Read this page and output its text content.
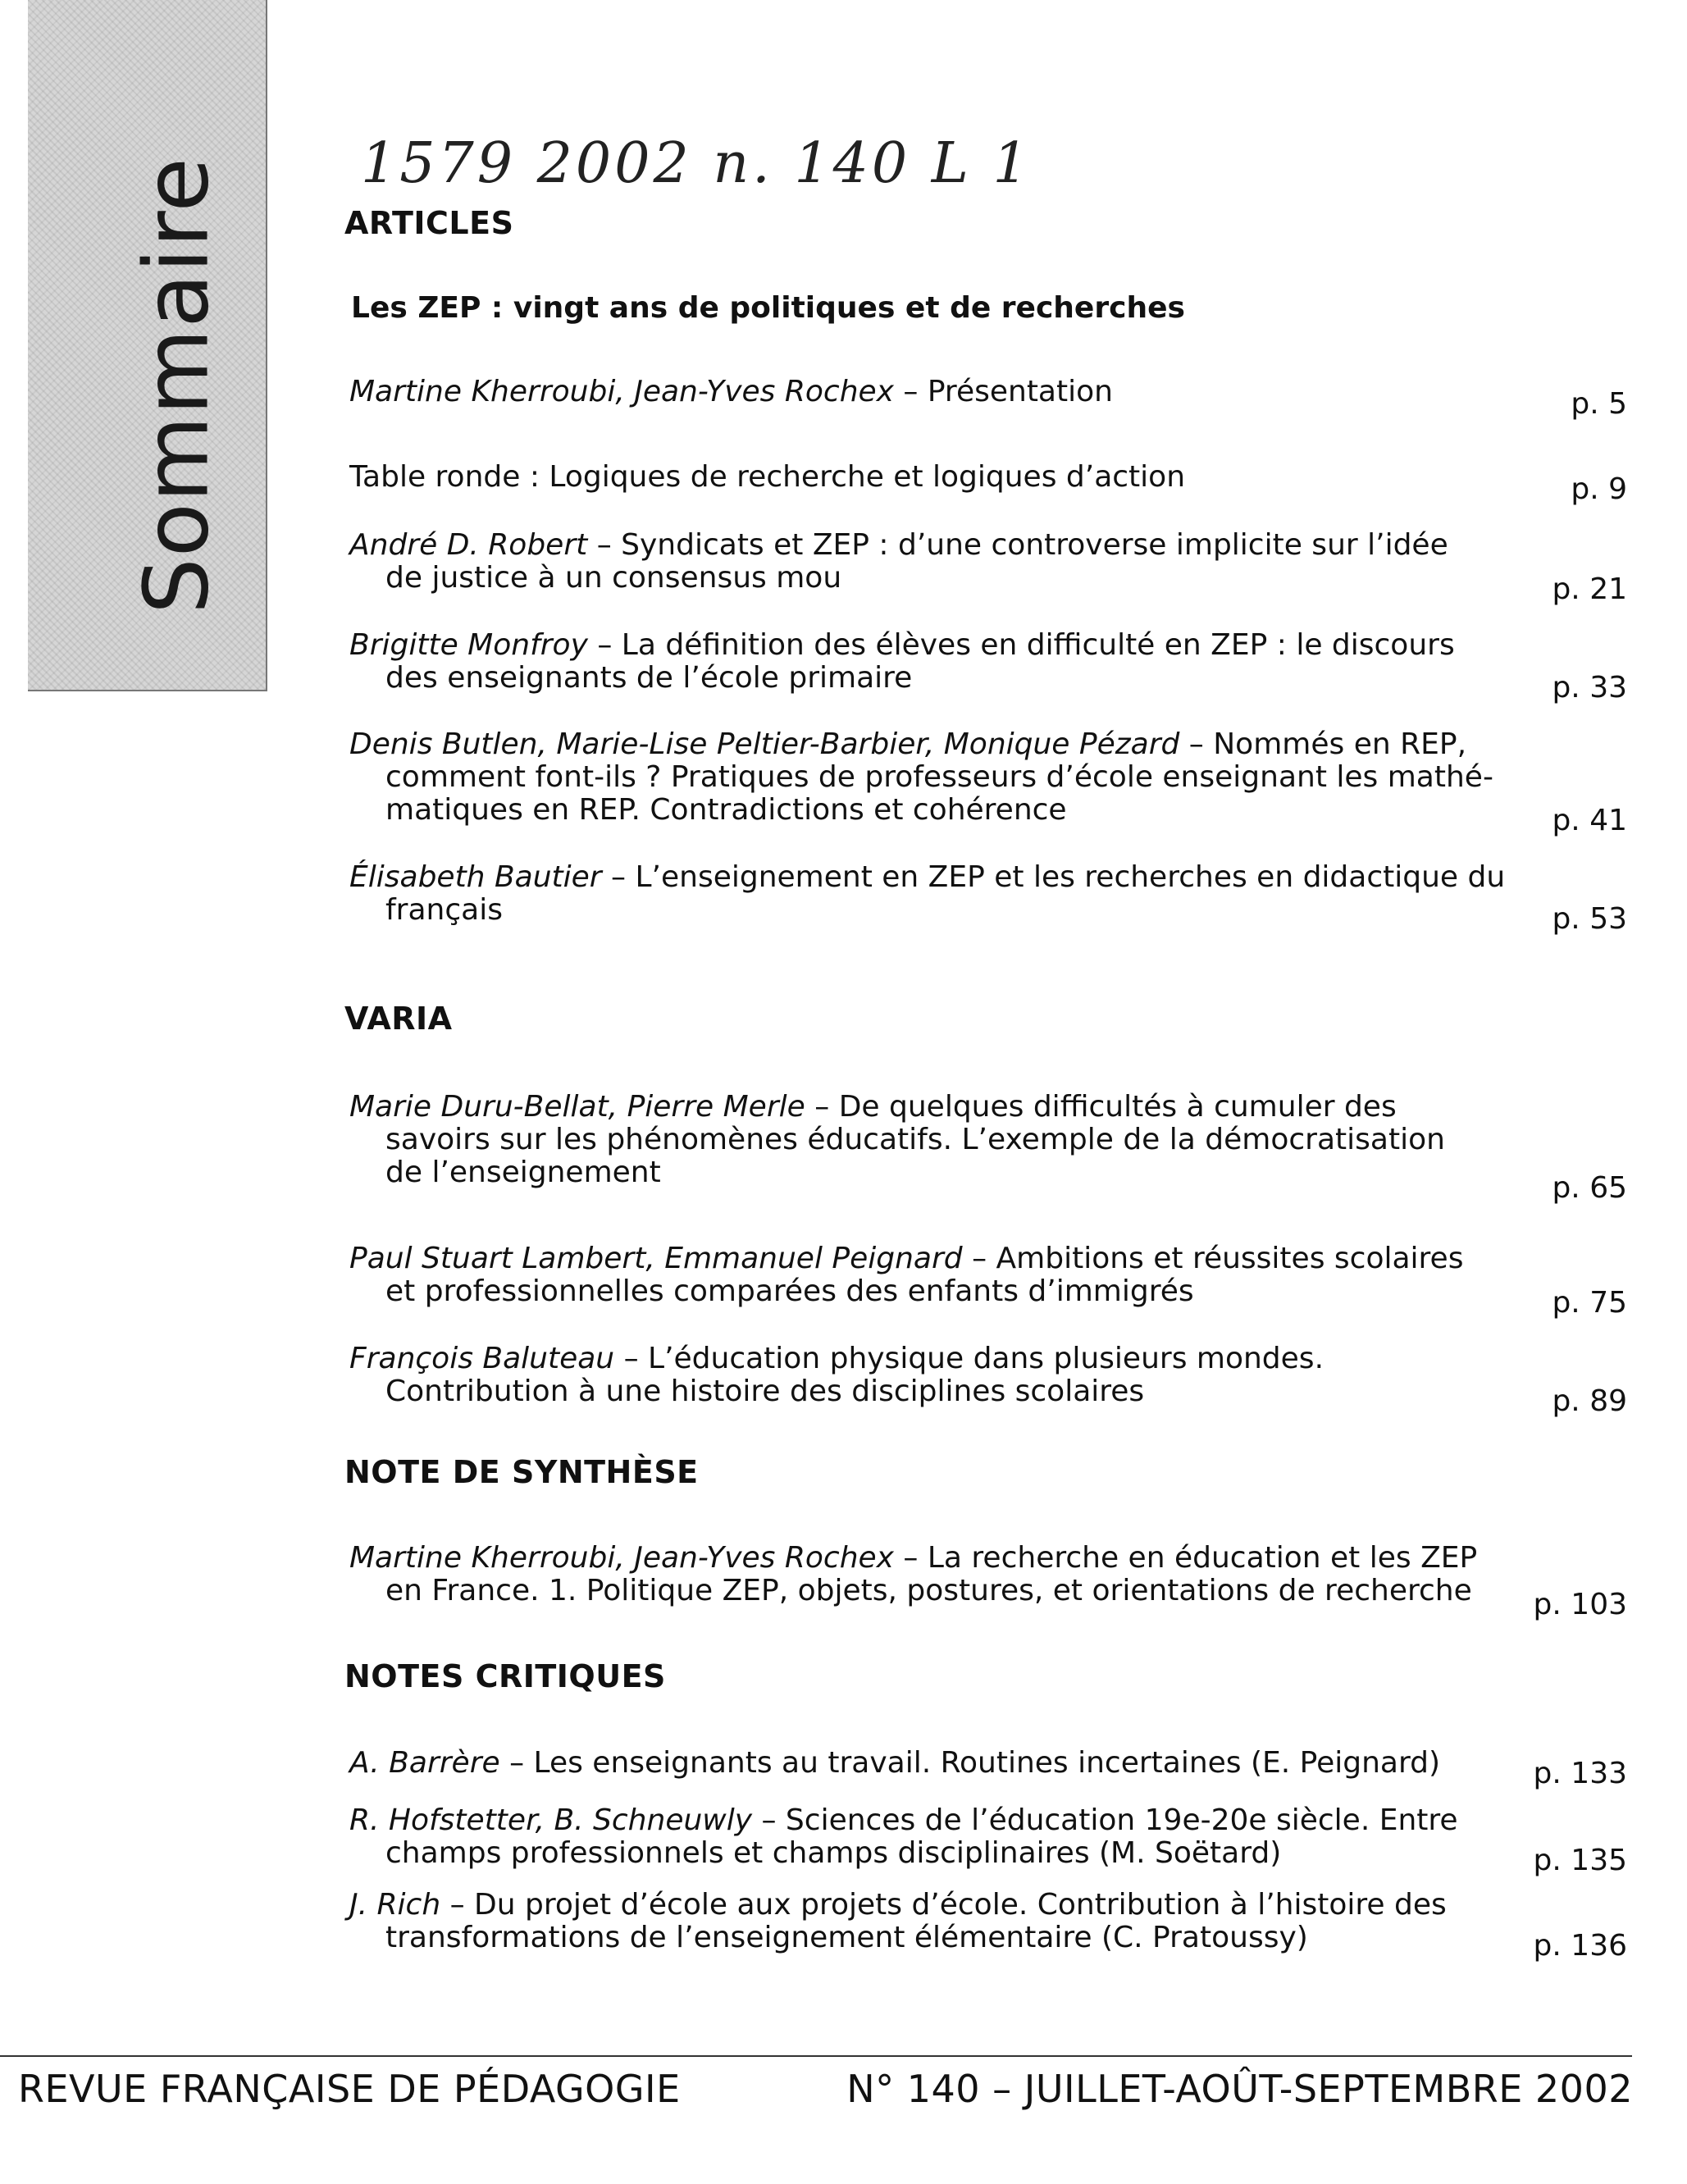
Sommaire 1579 2002 n. 140 L 1
ARTICLES
Les ZEP : vingt ans de politiques et de recherches
Martine Kherroubi, Jean-Yves Rochex – Présentation	p. 5
Table ronde : Logiques de recherche et logiques d’action	p. 9
André D. Robert – Syndicats et ZEP : d’une controverse implicite sur l’idée
de justice à un consensus mou	p. 21
Brigitte Monfroy – La définition des élèves en difficulté en ZEP : le discours
des enseignants de l’école primaire	p. 33
Denis Butlen, Marie-Lise Peltier-Barbier, Monique Pézard – Nommés en REP,
comment font-ils ? Pratiques de professeurs d’école enseignant les mathé-
matiques en REP. Contradictions et cohérence	p. 41
Élisabeth Bautier – L’enseignement en ZEP et les recherches en didactique du
français	p. 53
VARIA
Marie Duru-Bellat, Pierre Merle – De quelques difficultés à cumuler des
savoirs sur les phénomènes éducatifs. L’exemple de la démocratisation
de l’enseignement	p. 65
Paul Stuart Lambert, Emmanuel Peignard – Ambitions et réussites scolaires
et professionnelles comparées des enfants d’immigrés	p. 75
François Baluteau – L’éducation physique dans plusieurs mondes.
Contribution à une histoire des disciplines scolaires	p. 89
NOTE DE SYNTHÈSE
Martine Kherroubi, Jean-Yves Rochex – La recherche en éducation et les ZEP
en France. 1. Politique ZEP, objets, postures, et orientations de recherche p. 103
NOTES CRITIQUES
A. Barrère – Les enseignants au travail. Routines incertaines (E. Peignard)	p. 133
R. Hofstetter, B. Schneuwly – Sciences de l’éducation 19e-20e siècle. Entre
champs professionnels et champs disciplinaires (M. Soëtard)	p. 135
J. Rich – Du projet d’école aux projets d’école. Contribution à l’histoire des
transformations de l’enseignement élémentaire (C. Pratoussy)	p. 136
REVUE FRANÇAISE DE PÉDAGOGIE	N° 140 – JUILLET-AOÛT-SEPTEMBRE 2002
